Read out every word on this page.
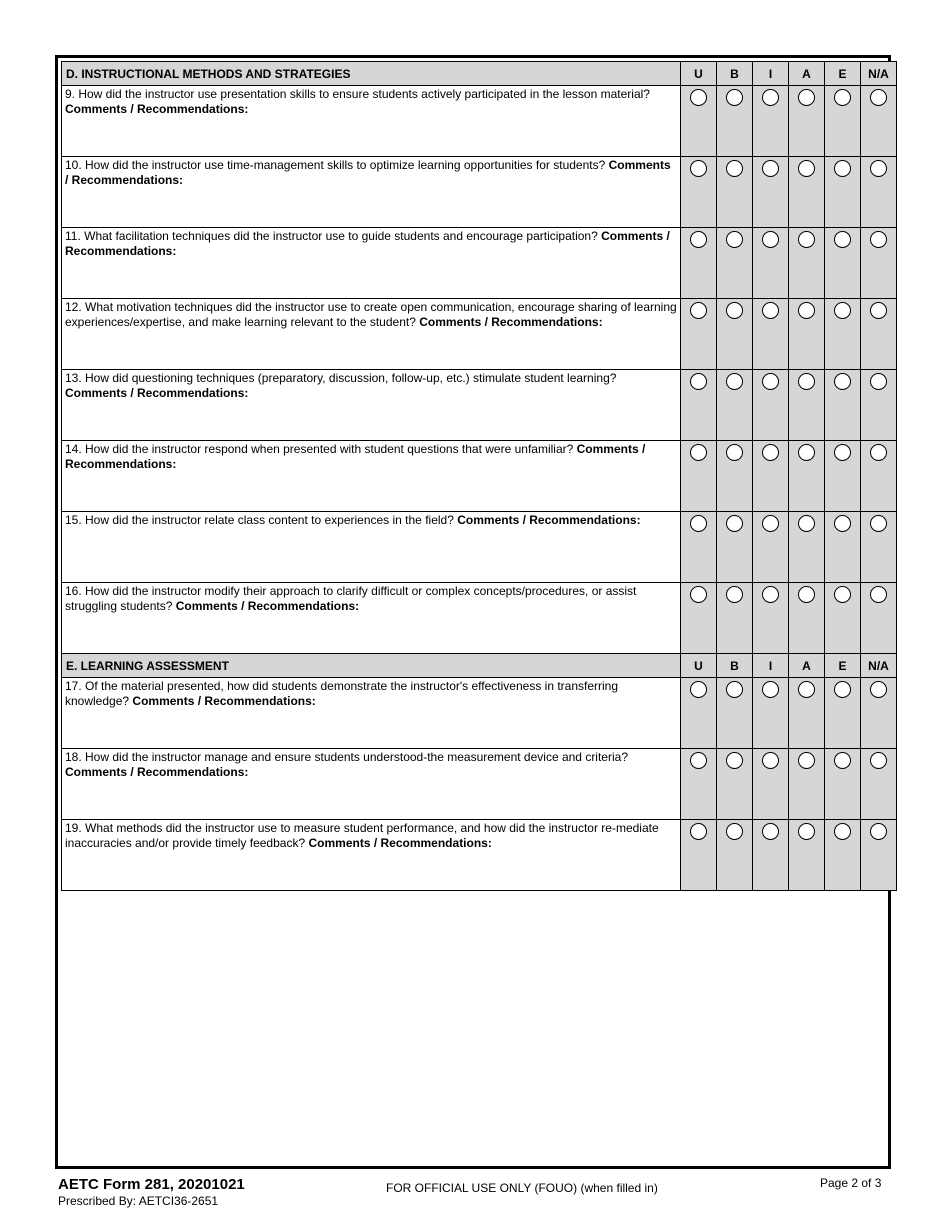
D. INSTRUCTIONAL METHODS AND STRATEGIES	U	B	I	A	E	N/A
9. How did the instructor use presentation skills to ensure students actively participated in the lesson material? Comments / Recommendations:						
10. How did the instructor use time-management skills to optimize learning opportunities for students? Comments / Recommendations:						
11. What facilitation techniques did the instructor use to guide students and encourage participation? Comments / Recommendations:						
12. What motivation techniques did the instructor use to create open communication, encourage sharing of learning experiences/expertise, and make learning relevant to the student? Comments / Recommendations:						
13. How did questioning techniques (preparatory, discussion, follow-up, etc.) stimulate student learning? Comments / Recommendations:						
14. How did the instructor respond when presented with student questions that were unfamiliar? Comments / Recommendations:						
15. How did the instructor relate class content to experiences in the field? Comments / Recommendations:						
16. How did the instructor modify their approach to clarify difficult or complex concepts/procedures, or assist struggling students? Comments / Recommendations:						
E. LEARNING ASSESSMENT	U	B	I	A	E	N/A
17. Of the material presented, how did students demonstrate the instructor's effectiveness in transferring knowledge? Comments / Recommendations:						
18. How did the instructor manage and ensure students understood-the measurement device and criteria? Comments / Recommendations:						
19. What methods did the instructor use to measure student performance, and how did the instructor re-mediate inaccuracies and/or provide timely feedback? Comments / Recommendations:						
AETC Form 281, 20201021
Prescribed By: AETCI36-2651
FOR OFFICIAL USE ONLY (FOUO) (when filled in)	Page 2 of 3
